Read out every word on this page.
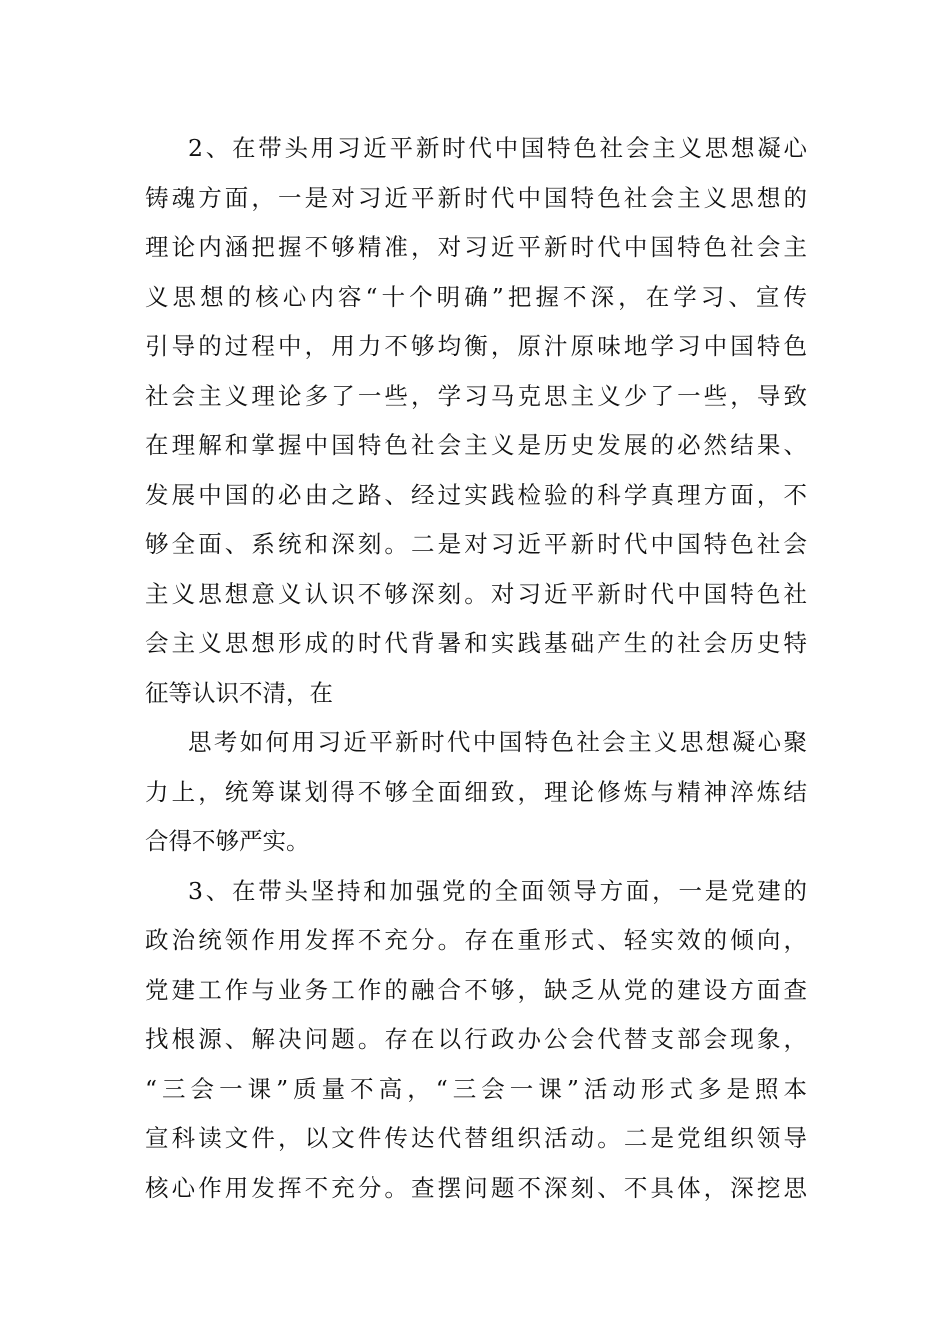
2、在带头用习近平新时代中国特色社会主义思想凝心
铸魂方面，一是对习近平新时代中国特色社会主义思想的
理论内涵把握不够精准，对习近平新时代中国特色社会主
义思想的核心内容“十个明确”把握不深，在学习、宣传
引导的过程中，用力不够均衡，原汁原味地学习中国特色
社会主义理论多了一些，学习马克思主义少了一些，导致
在理解和掌握中国特色社会主义是历史发展的必然结果、
发展中国的必由之路、经过实践检验的科学真理方面，不
够全面、系统和深刻。二是对习近平新时代中国特色社会
主义思想意义认识不够深刻。对习近平新时代中国特色社
会主义思想形成的时代背暑和实践基础产生的社会历史特
征等认识不清，在
思考如何用习近平新时代中国特色社会主义思想凝心聚
力上，统筹谋划得不够全面细致，理论修炼与精神淬炼结
合得不够严实。
3、在带头坚持和加强党的全面领导方面，一是党建的
政治统领作用发挥不充分。存在重形式、轻实效的倾向，
党建工作与业务工作的融合不够，缺乏从党的建设方面查
找根源、解决问题。存在以行政办公会代替支部会现象，
“三会一课”质量不高，“三会一课”活动形式多是照本
宣科读文件，以文件传达代替组织活动。二是党组织领导
核心作用发挥不充分。查摆问题不深刻、不具体，深挖思
